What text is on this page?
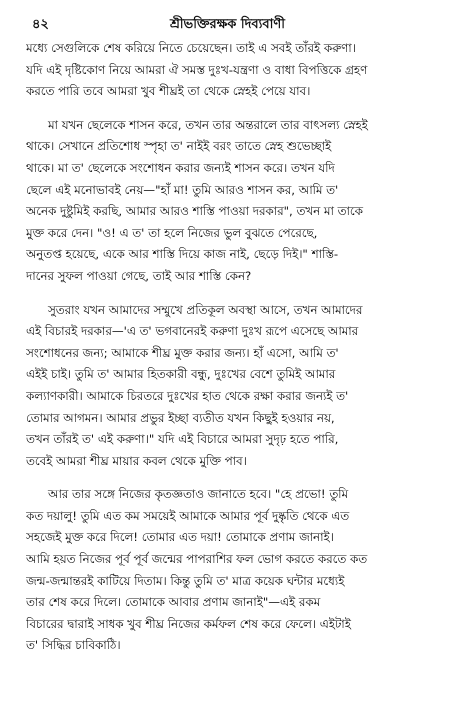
৪২	শ্রীভক্তিরক্ষক দিব্যবাণী
মধ্যে সেগুলিকে শেষ করিয়ে নিতে চেয়েছেন। তাই এ সবই তাঁরই করুণা।
যদি এই দৃষ্টিকোণ নিয়ে আমরা ঐ সমস্ত দুঃখ-যন্ত্রণা ও বাধা বিপত্তিকে গ্রহণ
করতে পারি তবে আমরা খুব শীঘ্রই তা থেকে স্নেহই পেয়ে যাব।
মা যখন ছেলেকে শাসন করে, তখন তার অন্তরালে তার বাৎসল্য স্নেহই
থাকে। সেখানে প্রতিশোধ স্পৃহা ত' নাইই বরং তাতে স্নেহ শুভেচ্ছাই
থাকে। মা ত' ছেলেকে সংশোধন করার জন্যই শাসন করে। তখন যদি
ছেলে এই মনোভাবই নেয়—"হাঁ মা! তুমি আরও শাসন কর, আমি ত'
অনেক দুষ্টুমিই করছি, আমার আরও শাস্তি পাওয়া দরকার", তখন মা তাকে
মুক্ত করে দেন। "ও! এ ত' তা হলে নিজের ভুল বুঝতে পেরেছে,
অনুতপ্ত হয়েছে, একে আর শাস্তি দিয়ে কাজ নাই, ছেড়ে দিই।" শাস্তি-
দানের সুফল পাওয়া গেছে, তাই আর শাস্তি কেন?
সুতরাং যখন আমাদের সম্মুখে প্রতিকূল অবস্থা আসে, তখন আমাদের
এই বিচারই দরকার—'এ ত' ভগবানেরই করুণা দুঃখ রূপে এসেছে আমার
সংশোধনের জন্য; আমাকে শীঘ্র মুক্ত করার জন্য। হাঁ এসো, আমি ত'
এইই চাই। তুমি ত' আমার হিতকারী বন্ধু, দুঃখের বেশে তুমিই আমার
কল্যাণকারী। আমাকে চিরতরে দুঃখের হাত থেকে রক্ষা করার জন্যই ত'
তোমার আগমন। আমার প্রভুর ইচ্ছা ব্যতীত যখন কিছুই হওয়ার নয়,
তখন তাঁরই ত' এই করুণা।" যদি এই বিচারে আমরা সুদৃঢ় হতে পারি,
তবেই আমরা শীঘ্র মায়ার কবল থেকে মুক্তি পাব।
আর তার সঙ্গে নিজের কৃতজ্ঞতাও জানাতে হবে। "হে প্রভো! তুমি
কত দয়ালু! তুমি এত কম সময়েই আমাকে আমার পূর্ব দুষ্কৃতি থেকে এত
সহজেই মুক্ত করে দিলে! তোমার এত দয়া! তোমাকে প্রণাম জানাই।
আমি হয়ত নিজের পূর্ব পূর্ব জন্মের পাপরাশির ফল ভোগ করতে করতে কত
জন্ম-জন্মান্তরই কাটিয়ে দিতাম। কিন্তু তুমি ত' মাত্র কয়েক ঘন্টার মধ্যেই
তার শেষ করে দিলে। তোমাকে আবার প্রণাম জানাই"—এই রকম
বিচারের দ্বারাই সাধক খুব শীঘ্র নিজের কর্মফল শেষ করে ফেলে। এইটাই
ত' সিদ্ধির চাবিকাঠি।
